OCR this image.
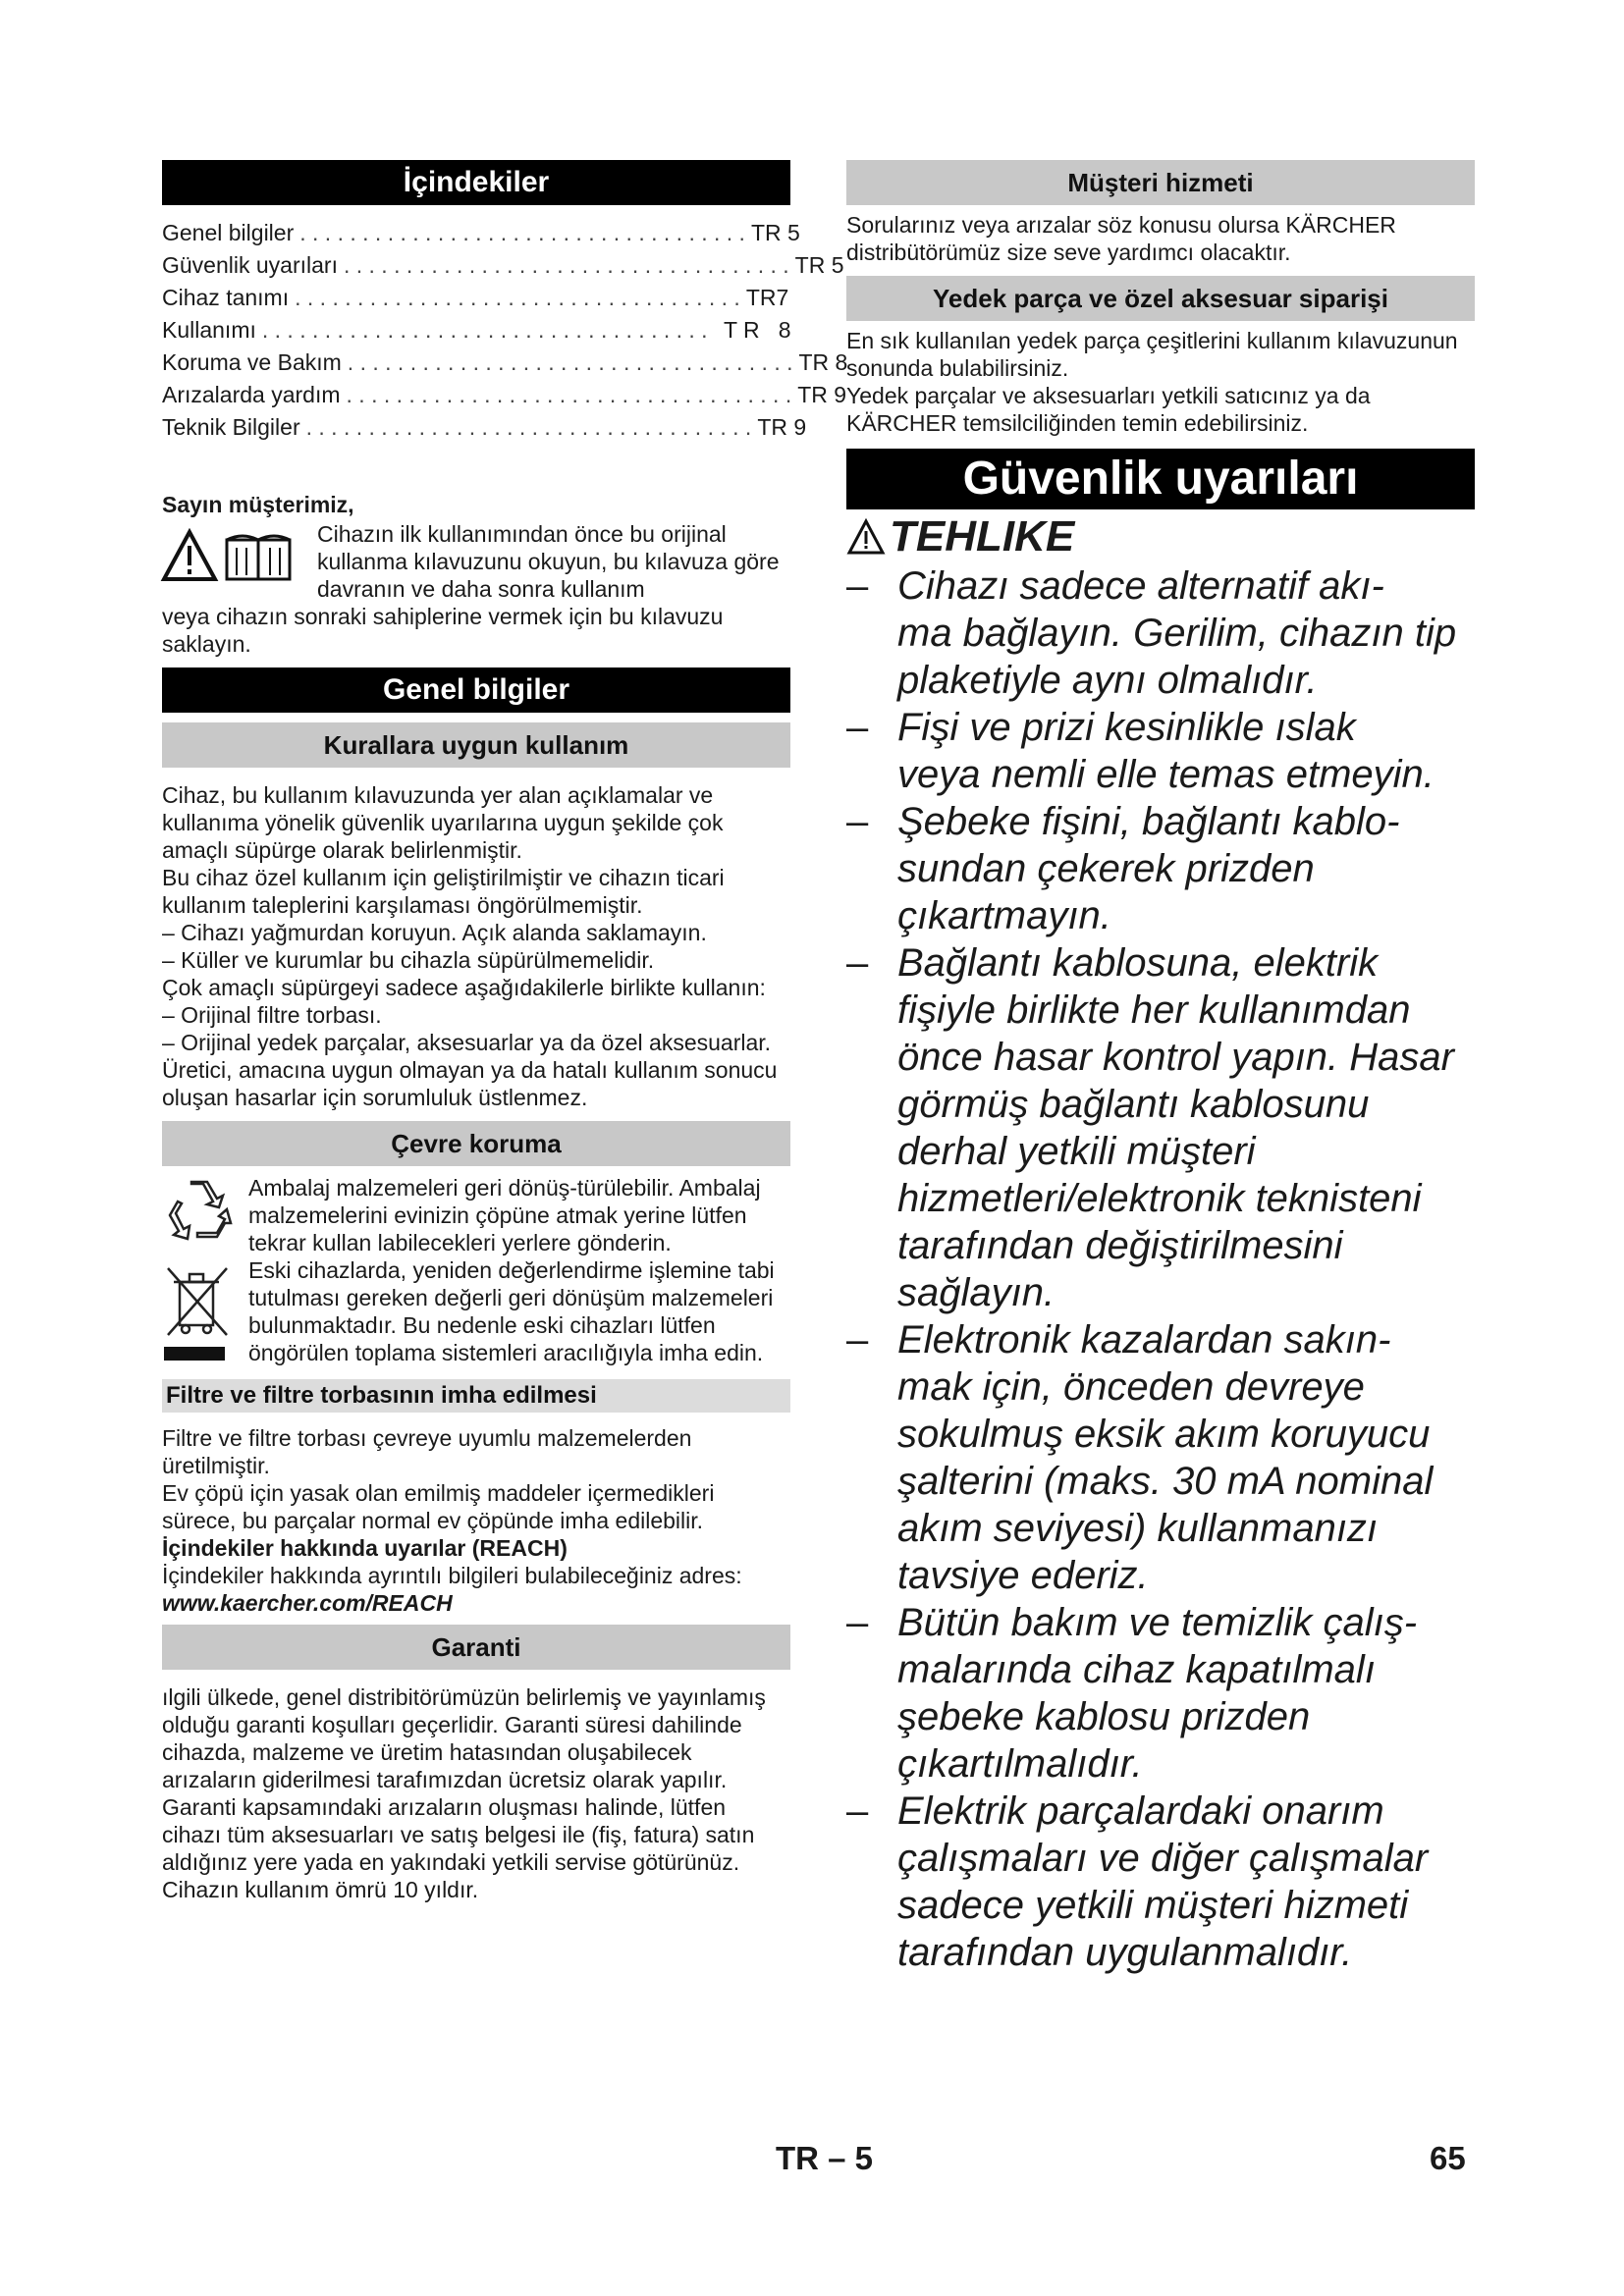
İçindekiler
Genel bilgiler . . . . . . . . . . . . . . . . . . . . . . . . . . . . . . . . . . . . TR 5
Güvenlik uyarıları . . . . . . . . . . . . . . . . . . . . . . . . . . . . . . . . . . . . TR 5
Cihaz tanımı . . . . . . . . . . . . . . . . . . . . . . . . . . . . . . . . . . . . TR7
Kullanımı . . . . . . . . . . . . . . . . . . . . . . . . . . . . . . . . . . . . T R   8
Koruma ve Bakım . . . . . . . . . . . . . . . . . . . . . . . . . . . . . . . . . . . . TR 8
Arızalarda yardım . . . . . . . . . . . . . . . . . . . . . . . . . . . . . . . . . . . . TR 9
Teknik Bilgiler . . . . . . . . . . . . . . . . . . . . . . . . . . . . . . . . . . . . TR 9

Sayın müşterimiz,

Cihazın ilk kullanımından önce bu orijinal kullanma kılavuzunu okuyun, bu kılavuza göre davranın ve daha sonra kullanım

veya cihazın sonraki sahiplerine vermek için bu kılavuzu saklayın.

Genel bilgiler
Kurallara uygun kullanım

Cihaz, bu kullanım kılavuzunda yer alan açıklamalar ve kullanıma yönelik güvenlik uyarılarına uygun şekilde çok amaçlı süpürge olarak belirlenmiştir.

Bu cihaz özel kullanım için geliştirilmiştir ve cihazın ticari kullanım taleplerini karşılaması öngörülmemiştir.

– Cihazı yağmurdan koruyun. Açık alanda saklamayın.

– Küller ve kurumlar bu cihazla süpürülmemelidir.

Çok amaçlı süpürgeyi sadece aşağıdakilerle birlikte kullanın:

– Orijinal filtre torbası.

– Orijinal yedek parçalar, aksesuarlar ya da özel aksesuarlar.

Üretici, amacına uygun olmayan ya da hatalı kullanım sonucu oluşan hasarlar için sorumluluk üstlenmez.

Çevre koruma

Ambalaj malzemeleri geri dönüş-türülebilir. Ambalaj malzemelerini evinizin çöpüne atmak yerine lütfen tekrar kullan labilecekleri yerlere gönderin.

Eski cihazlarda, yeniden değerlendirme işlemine tabi tutulması gereken değerli geri dönüşüm malzemeleri bulunmaktadır. Bu nedenle eski cihazları lütfen öngörülen toplama sistemleri aracılığıyla imha edin.

Filtre ve filtre torbasının imha edilmesi

Filtre ve filtre torbası çevreye uyumlu malzemelerden üretilmiştir.

Ev çöpü için yasak olan emilmiş maddeler içermedikleri sürece, bu parçalar normal ev çöpünde imha edilebilir.

İçindekiler hakkında uyarılar (REACH)

İçindekiler hakkında ayrıntılı bilgileri bulabileceğiniz adres:

www.kaercher.com/REACH

Garanti

ılgili ülkede, genel distribitörümüzün belirlemiş ve yayınlamış olduğu garanti koşulları geçerlidir. Garanti süresi dahilinde cihazda, malzeme ve üretim hatasından oluşabilecek arızaların giderilmesi tarafımızdan ücretsiz olarak yapılır. Garanti kapsamındaki arızaların oluşması halinde, lütfen cihazı tüm aksesuarları ve satış belgesi ile (fiş, fatura) satın aldığınız yere yada en yakındaki yetkili servise götürünüz. Cihazın kullanım ömrü 10 yıldır.

Müşteri hizmeti

Sorularınız veya arızalar söz konusu olursa KÄRCHER distribütörümüz size seve yardımcı olacaktır.

Yedek parça ve özel aksesuar siparişi

En sık kullanılan yedek parça çeşitlerini kullanım kılavuzunun sonunda bulabilirsiniz.

Yedek parçalar ve aksesuarları yetkili satıcınız ya da KÄRCHER temsilciliğinden temin edebilirsiniz.

Güvenlik uyarıları
TEHLIKE
– Cihazı sadece alternatif akı-
ma bağlayın. Gerilim, cihazın tip plaketiyle aynı olmalıdır.
– Fişi ve prizi kesinlikle ıslak
veya nemli elle temas etmeyin.
– Şebeke fişini, bağlantı kablo-
sundan çekerek prizden çıkartmayın.
– Bağlantı kablosuna, elektrik
fişiyle birlikte her kullanımdan önce hasar kontrol yapın. Hasar görmüş bağlantı kablosunu derhal yetkili müşteri hizmetleri/elektronik teknisteni tarafından değiştirilmesini sağlayın.
– Elektronik kazalardan sakın-
mak için, önceden devreye sokulmuş eksik akım koruyucu şalterini (maks. 30 mA nominal akım seviyesi) kullanmanızı tavsiye ederiz.
– Bütün bakım ve temizlik çalış-
malarında cihaz kapatılmalı şebeke kablosu prizden çıkartılmalıdır.
– Elektrik parçalardaki onarım
çalışmaları ve diğer çalışmalar sadece yetkili müşteri hizmeti tarafından uygulanmalıdır.
TR – 5	65
